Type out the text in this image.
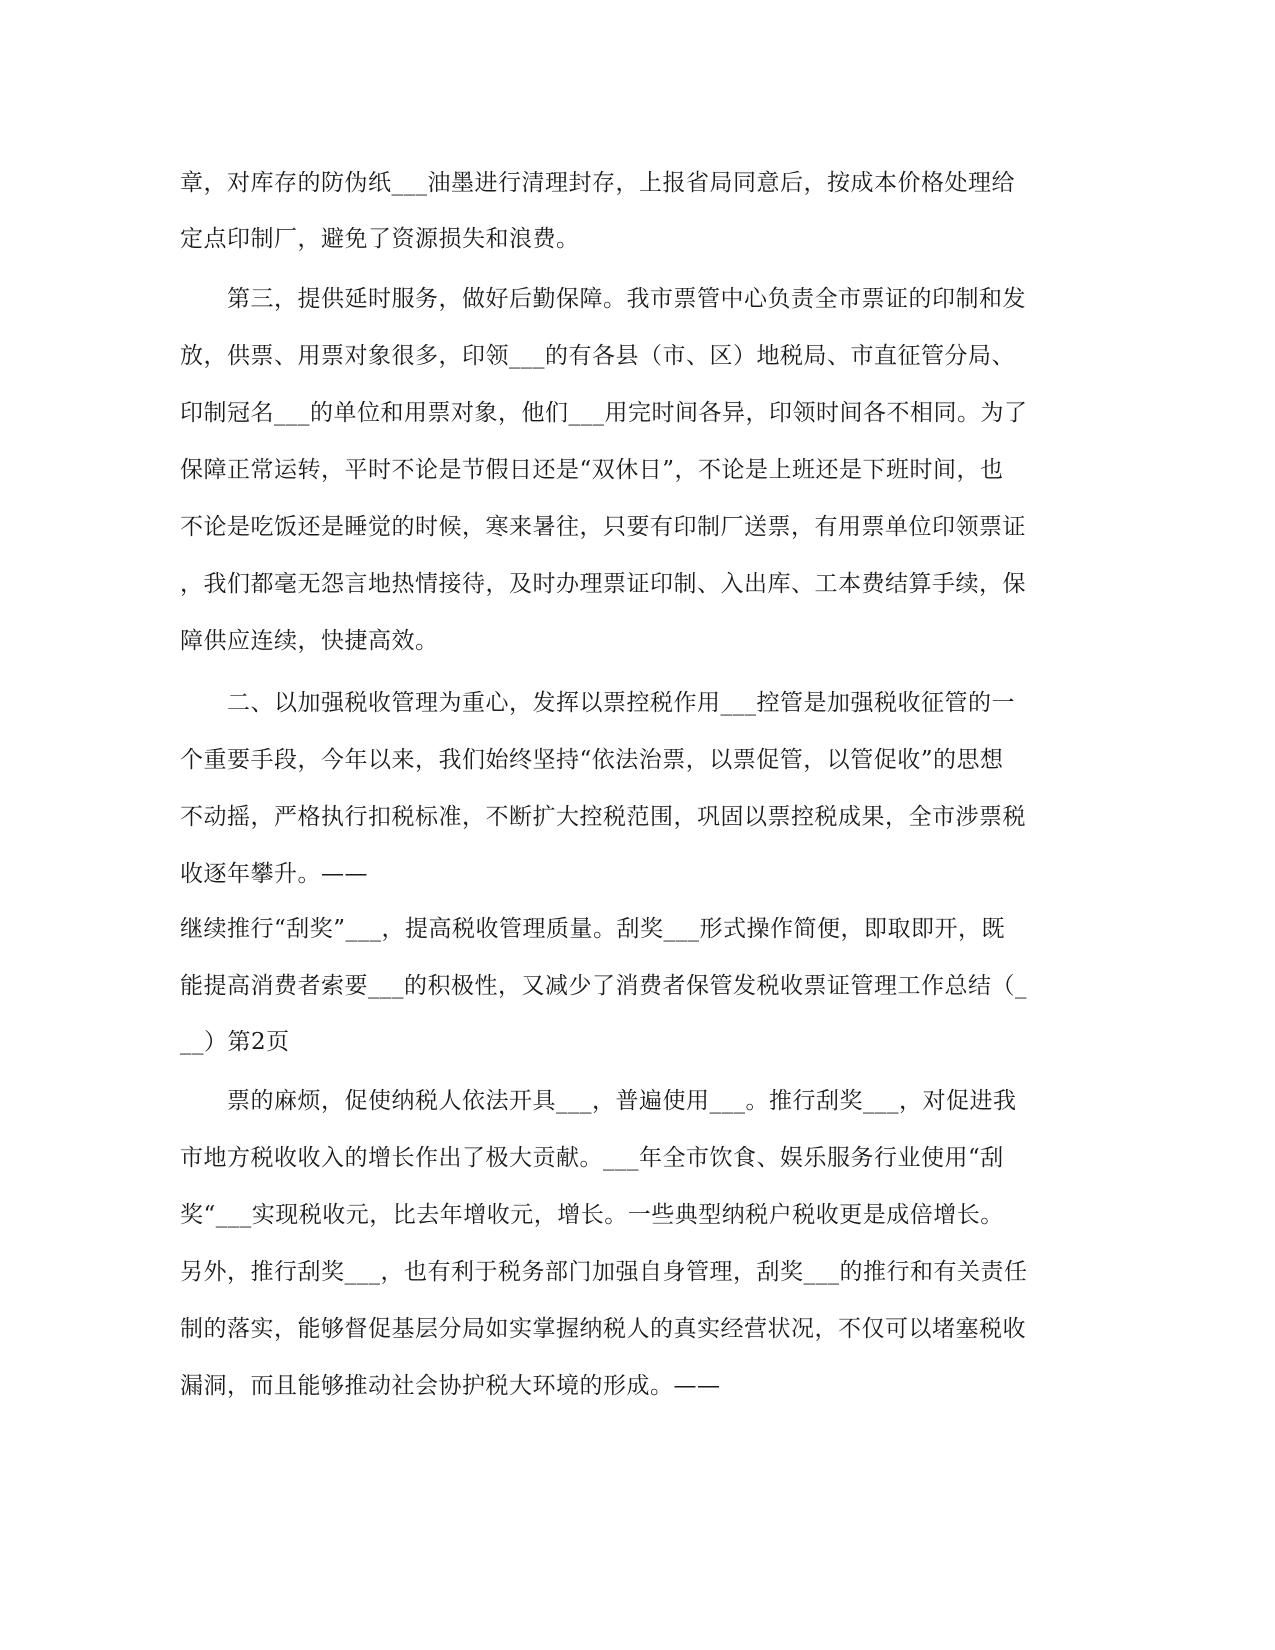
章，对库存的防伪纸___油墨进行清理封存，上报省局同意后，按成本价格处理给
定点印制厂，避免了资源损失和浪费。
　　第三，提供延时服务，做好后勤保障。我市票管中心负责全市票证的印制和发
放，供票、用票对象很多，印领___的有各县（市、区）地税局、市直征管分局、
印制冠名___的单位和用票对象，他们___用完时间各异，印领时间各不相同。为了
保障正常运转，平时不论是节假日还是“双休日”，不论是上班还是下班时间，也
不论是吃饭还是睡觉的时候，寒来暑往，只要有印制厂送票，有用票单位印领票证
，我们都毫无怨言地热情接待，及时办理票证印制、入出库、工本费结算手续，保
障供应连续，快捷高效。
　　二、以加强税收管理为重心，发挥以票控税作用___控管是加强税收征管的一
个重要手段，今年以来，我们始终坚持“依法治票，以票促管，以管促收”的思想
不动摇，严格执行扣税标准，不断扩大控税范围，巩固以票控税成果，全市涉票税
收逐年攀升。——
继续推行“刮奖”___，提高税收管理质量。刮奖___形式操作简便，即取即开，既
能提高消费者索要___的积极性，又减少了消费者保管发税收票证管理工作总结（_
__）第2页
　　票的麻烦，促使纳税人依法开具___，普遍使用___。推行刮奖___，对促进我
市地方税收收入的增长作出了极大贡献。___年全市饮食、娱乐服务行业使用“刮
奖“___实现税收元，比去年增收元，增长。一些典型纳税户税收更是成倍增长。
另外，推行刮奖___，也有利于税务部门加强自身管理，刮奖___的推行和有关责任
制的落实，能够督促基层分局如实掌握纳税人的真实经营状况，不仅可以堵塞税收
漏洞，而且能够推动社会协护税大环境的形成。——
